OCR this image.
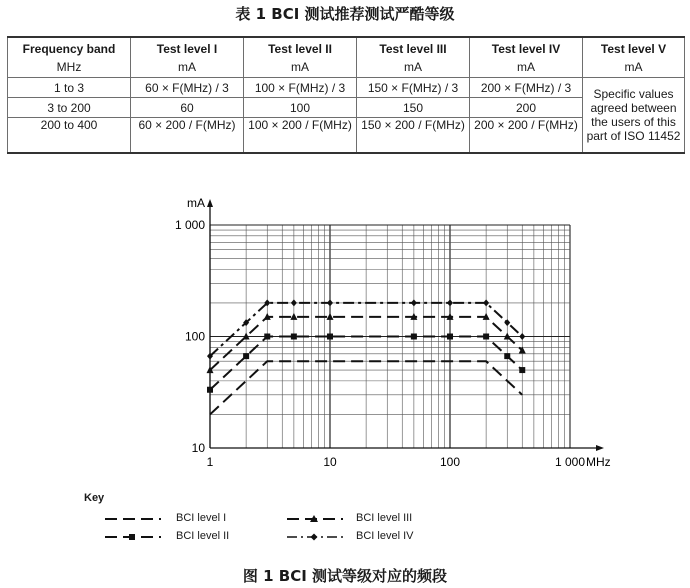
表 1 BCI 测试推荐测试严酷等级
Frequency band	Test level I	Test level II	Test level III	Test level IV	Test level V
MHz	mA	mA	mA	mA	mA
1 to 3	60 × F(MHz) / 3	100 × F(MHz) / 3	150 × F(MHz) / 3	200 × F(MHz) / 3	Specific values agreed between the users of this part of ISO 11452
3 to 200	60	100	150	200	
200 to 400	60 × 200 / F(MHz)	100 × 200 / F(MHz)	150 × 200 / F(MHz)	200 × 200 / F(MHz)	
1	10	100	1 000
10
100
1 000
mA
MHz
Key
BCI level I
BCI level II
BCI level III
BCI level IV
图 1 BCI 测试等级对应的频段
